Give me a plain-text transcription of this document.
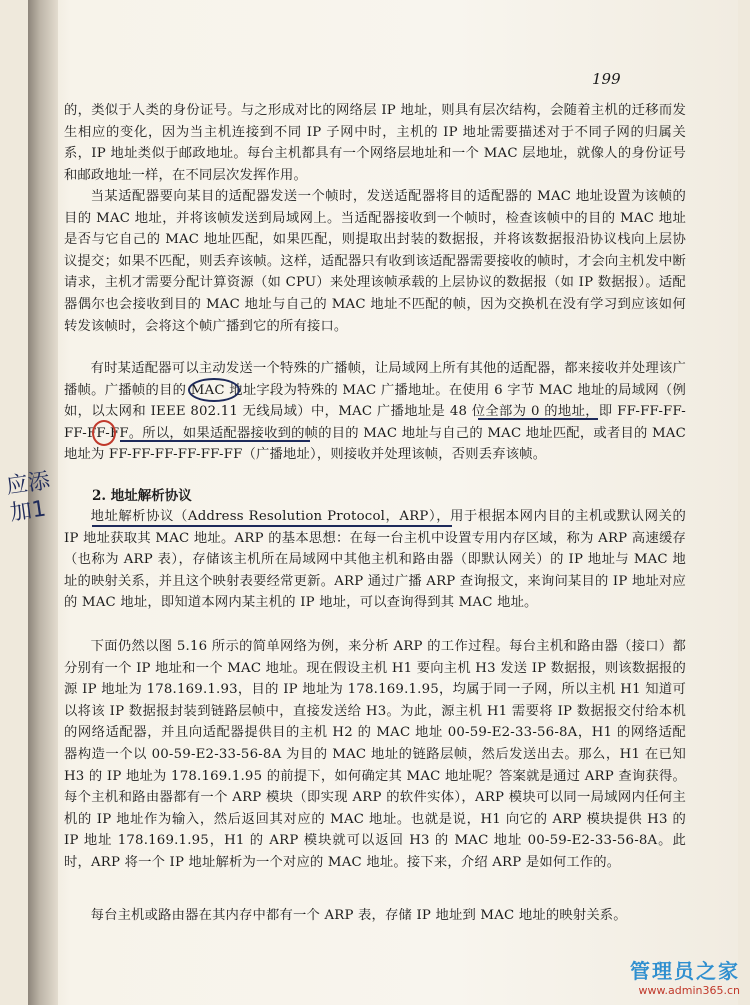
199

的，类似于人类的身份证号。与之形成对比的网络层 IP 地址，则具有层次结构，会随着主机的迁移而发生相应的变化，因为当主机连接到不同 IP 子网中时，主机的 IP 地址需要描述对于不同子网的归属关系，IP 地址类似于邮政地址。每台主机都具有一个网络层地址和一个 MAC 层地址，就像人的身份证号和邮政地址一样，在不同层次发挥作用。

当某适配器要向某目的适配器发送一个帧时，发送适配器将目的适配器的 MAC 地址设置为该帧的目的 MAC 地址，并将该帧发送到局域网上。当适配器接收到一个帧时，检查该帧中的目的 MAC 地址是否与它自己的 MAC 地址匹配，如果匹配，则提取出封装的数据报，并将该数据报沿协议栈向上层协议提交；如果不匹配，则丢弃该帧。这样，适配器只有收到该适配器需要接收的帧时，才会向主机发中断请求，主机才需要分配计算资源（如 CPU）来处理该帧承载的上层协议的数据报（如 IP 数据报）。适配器偶尔也会接收到目的 MAC 地址与自己的 MAC 地址不匹配的帧，因为交换机在没有学习到应该如何转发该帧时，会将这个帧广播到它的所有接口。

有时某适配器可以主动发送一个特殊的广播帧，让局域网上所有其他的适配器，都来接收并处理该广播帧。广播帧的目的 MAC 地址字段为特殊的 MAC 广播地址。在使用 6 字节 MAC 地址的局域网（例如，以太网和 IEEE 802.11 无线局域）中，MAC 广播地址是 48 位全部为 0 的地址，即 FF-FF-FF-FF-FF-FF。所以，如果适配器接收到的帧的目的 MAC 地址与自己的 MAC 地址匹配，或者目的 MAC 地址为 FF-FF-FF-FF-FF-FF（广播地址），则接收并处理该帧，否则丢弃该帧。

2. 地址解析协议

地址解析协议（Address Resolution Protocol，ARP），用于根据本网内目的主机或默认网关的 IP 地址获取其 MAC 地址。ARP 的基本思想：在每一台主机中设置专用内存区域，称为 ARP 高速缓存（也称为 ARP 表），存储该主机所在局域网中其他主机和路由器（即默认网关）的 IP 地址与 MAC 地址的映射关系，并且这个映射表要经常更新。ARP 通过广播 ARP 查询报文，来询问某目的 IP 地址对应的 MAC 地址，即知道本网内某主机的 IP 地址，可以查询得到其 MAC 地址。

下面仍然以图 5.16 所示的简单网络为例，来分析 ARP 的工作过程。每台主机和路由器（接口）都分别有一个 IP 地址和一个 MAC 地址。现在假设主机 H1 要向主机 H3 发送 IP 数据报，则该数据报的源 IP 地址为 178.169.1.93，目的 IP 地址为 178.169.1.95，均属于同一子网，所以主机 H1 知道可以将该 IP 数据报封装到链路层帧中，直接发送给 H3。为此，源主机 H1 需要将 IP 数据报交付给本机的网络适配器，并且向适配器提供目的主机 H2 的 MAC 地址 00-59-E2-33-56-8A，H1 的网络适配器构造一个以 00-59-E2-33-56-8A 为目的 MAC 地址的链路层帧，然后发送出去。那么，H1 在已知 H3 的 IP 地址为 178.169.1.95 的前提下，如何确定其 MAC 地址呢？答案就是通过 ARP 查询获得。每个主机和路由器都有一个 ARP 模块（即实现 ARP 的软件实体），ARP 模块可以同一局域网内任何主机的 IP 地址作为输入，然后返回其对应的 MAC 地址。也就是说，H1 向它的 ARP 模块提供 H3 的 IP 地址 178.169.1.95，H1 的 ARP 模块就可以返回 H3 的 MAC 地址 00-59-E2-33-56-8A。此时，ARP 将一个 IP 地址解析为一个对应的 MAC 地址。接下来，介绍 ARP 是如何工作的。

每台主机或路由器在其内存中都有一个 ARP 表，存储 IP 地址到 MAC 地址的映射关系。

应添加1
管理员之家
www.admin365.cn
